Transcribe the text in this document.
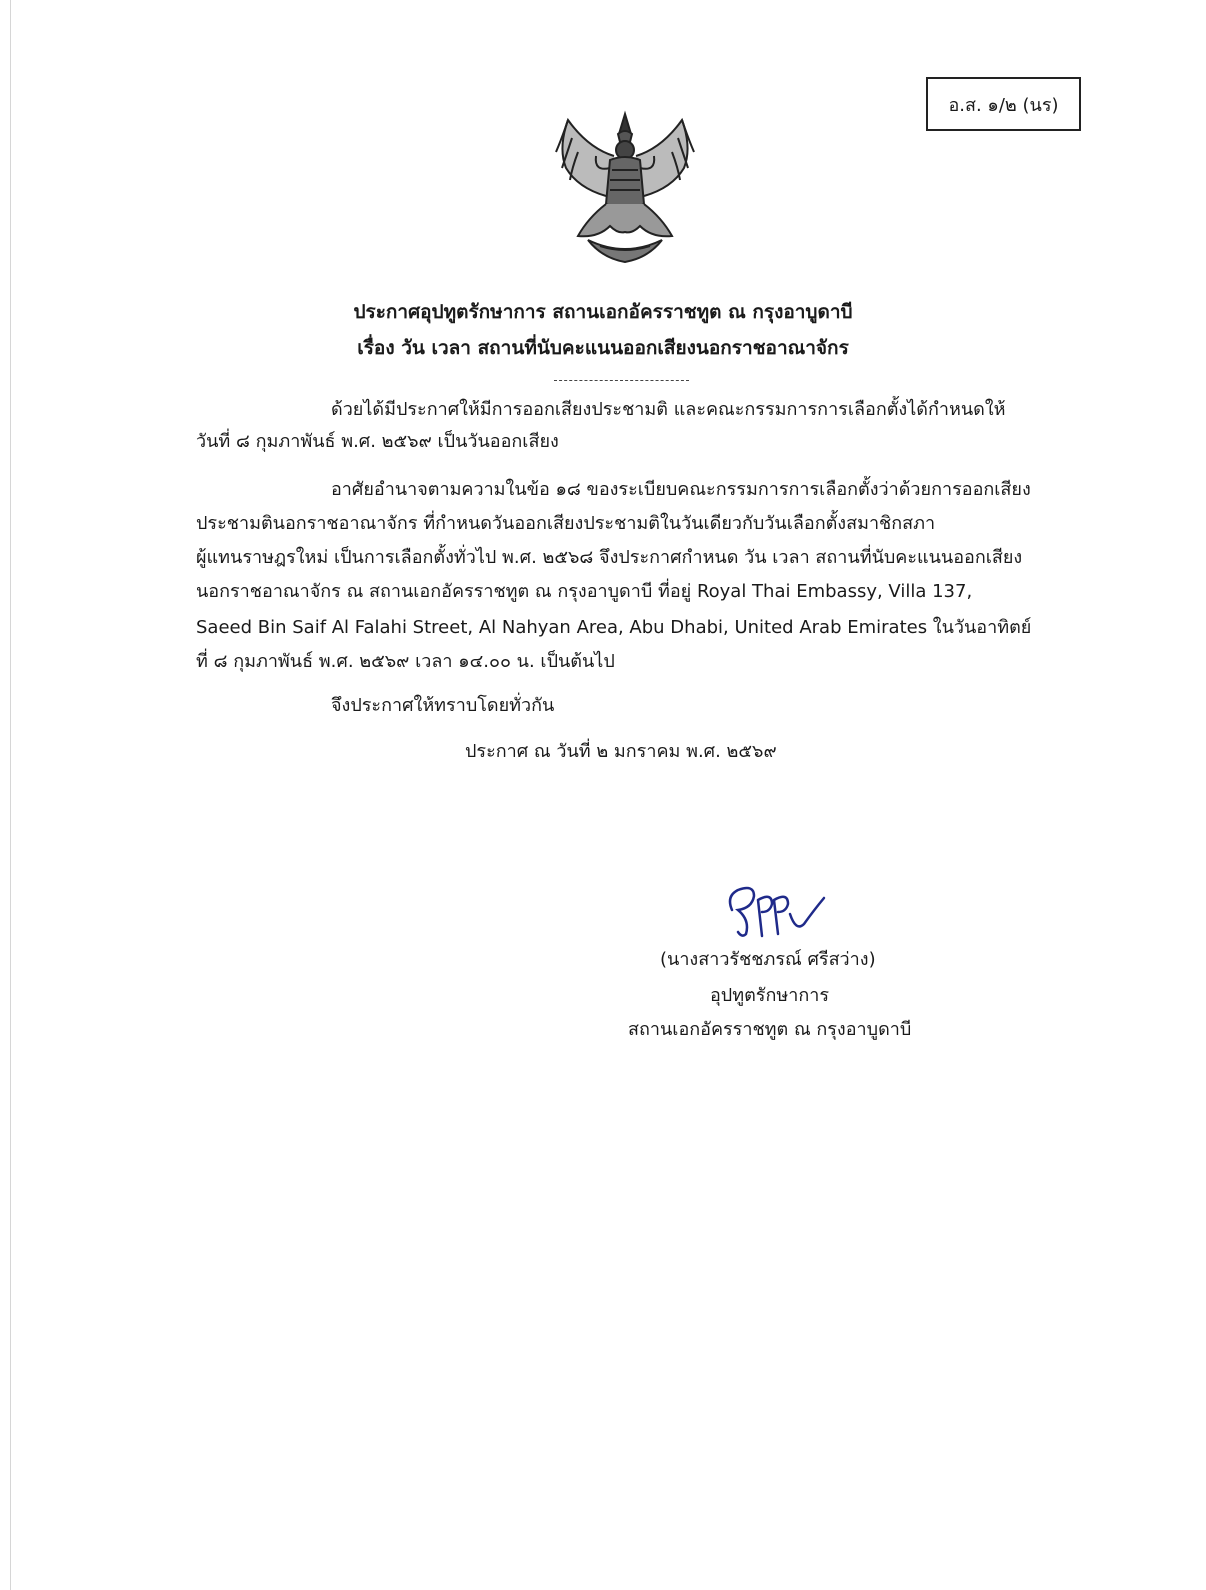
อ.ส. ๑/๒ (นร)
ประกาศอุปทูตรักษาการ สถานเอกอัครราชทูต ณ กรุงอาบูดาบี
เรื่อง วัน เวลา สถานที่นับคะแนนออกเสียงนอกราชอาณาจักร
ด้วยได้มีประกาศให้มีการออกเสียงประชามติ และคณะกรรมการการเลือกตั้งได้กำหนดให้
วันที่ ๘ กุมภาพันธ์ พ.ศ. ๒๕๖๙ เป็นวันออกเสียง
อาศัยอำนาจตามความในข้อ ๑๘ ของระเบียบคณะกรรมการการเลือกตั้งว่าด้วยการออกเสียง
ประชามตินอกราชอาณาจักร ที่กำหนดวันออกเสียงประชามติในวันเดียวกับวันเลือกตั้งสมาชิกสภา
ผู้แทนราษฎรใหม่ เป็นการเลือกตั้งทั่วไป พ.ศ. ๒๕๖๘ จึงประกาศกำหนด วัน เวลา สถานที่นับคะแนนออกเสียง
นอกราชอาณาจักร ณ สถานเอกอัครราชทูต ณ กรุงอาบูดาบี ที่อยู่ Royal Thai Embassy, Villa 137,
Saeed Bin Saif Al Falahi Street, Al Nahyan Area, Abu Dhabi, United Arab Emirates ในวันอาทิตย์
ที่ ๘ กุมภาพันธ์ พ.ศ. ๒๕๖๙ เวลา ๑๔.๐๐ น. เป็นต้นไป
จึงประกาศให้ทราบโดยทั่วกัน
ประกาศ ณ วันที่ ๒ มกราคม พ.ศ. ๒๕๖๙
(นางสาวรัชชภรณ์ ศรีสว่าง)
อุปทูตรักษาการ
สถานเอกอัครราชทูต ณ กรุงอาบูดาบี
